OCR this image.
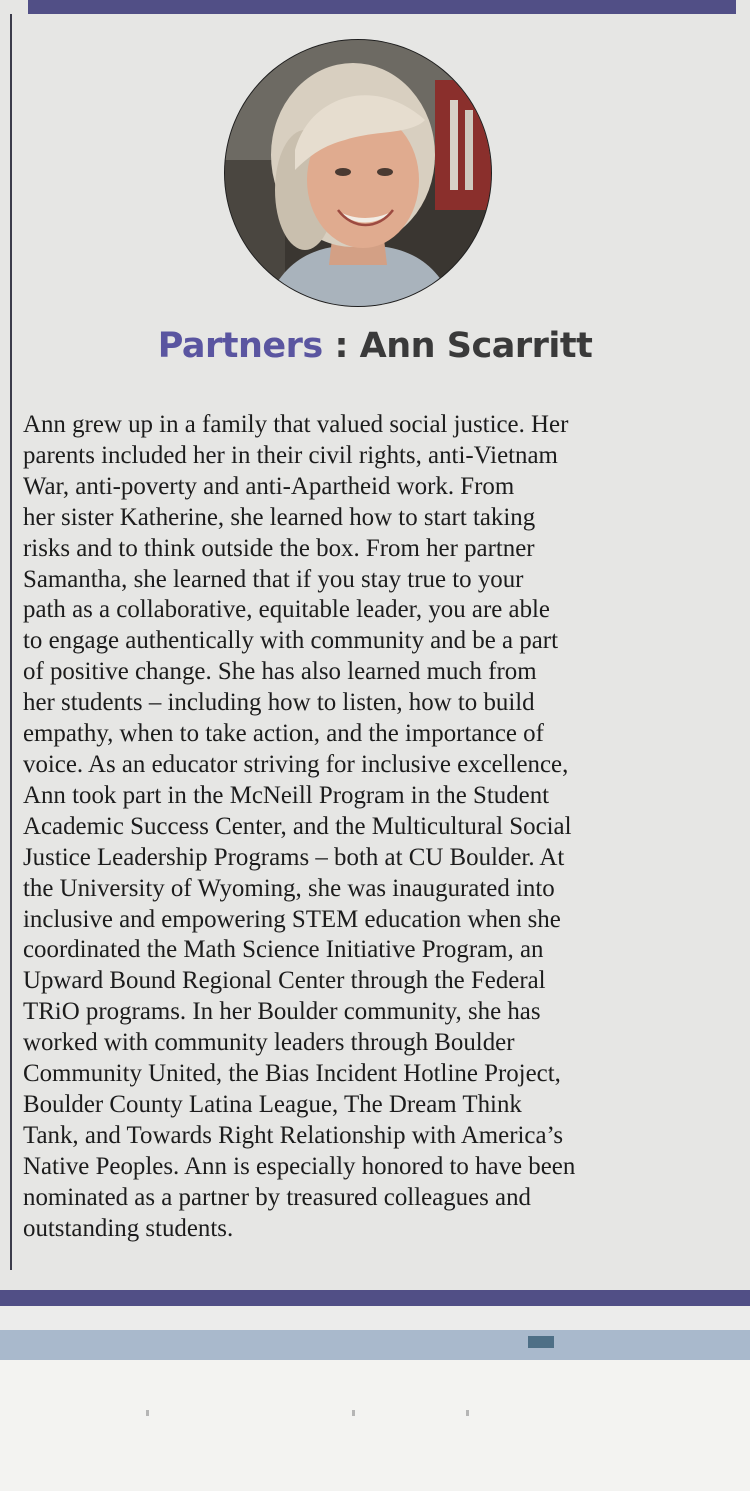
Partners : Ann Scarritt
Ann grew up in a family that valued social justice. Her
parents included her in their civil rights, anti-Vietnam
War, anti-poverty and anti-Apartheid work. From
her sister Katherine, she learned how to start taking
risks and to think outside the box. From her partner
Samantha, she learned that if you stay true to your
path as a collaborative, equitable leader, you are able
to engage authentically with community and be a part
of positive change. She has also learned much from
her students – including how to listen, how to build
empathy, when to take action, and the importance of
voice. As an educator striving for inclusive excellence,
Ann took part in the McNeill Program in the Student
Academic Success Center, and the Multicultural Social
Justice Leadership Programs – both at CU Boulder. At
the University of Wyoming, she was inaugurated into
inclusive and empowering STEM education when she
coordinated the Math Science Initiative Program, an
Upward Bound Regional Center through the Federal
TRiO programs. In her Boulder community, she has
worked with community leaders through Boulder
Community United, the Bias Incident Hotline Project,
Boulder County Latina League, The Dream Think
Tank, and Towards Right Relationship with America’s
Native Peoples. Ann is especially honored to have been
nominated as a partner by treasured colleagues and
outstanding students.
